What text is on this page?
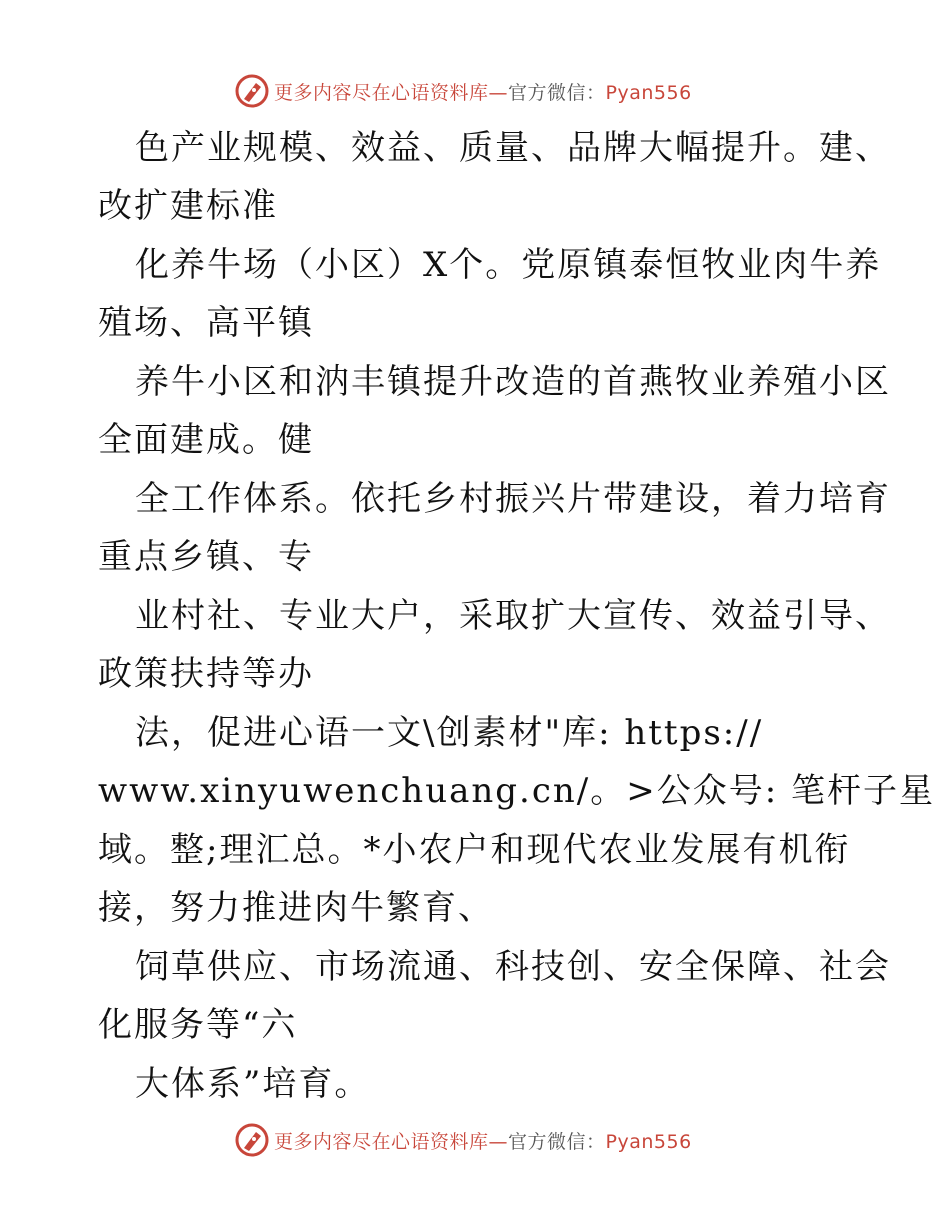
更多内容尽在心语资料库—官方微信：Pyan556
色产业规模、效益、质量、品牌大幅提升。建、
改扩建标准
化养牛场（小区）X个。党原镇泰恒牧业肉牛养
殖场、高平镇
养牛小区和汭丰镇提升改造的首燕牧业养殖小区
全面建成。健
全工作体系。依托乡村振兴片带建设，着力培育
重点乡镇、专
业村社、专业大户，采取扩大宣传、效益引导、
政策扶持等办
法，促进心语一文\创素材"库: https://
www.xinyuwenchuang.cn/。>公众号: 笔杆子星
域。整;理汇总。*小农户和现代农业发展有机衔
接，努力推进肉牛繁育、
饲草供应、市场流通、科技创、安全保障、社会
化服务等“六
大体系”培育。
更多内容尽在心语资料库—官方微信：Pyan556
